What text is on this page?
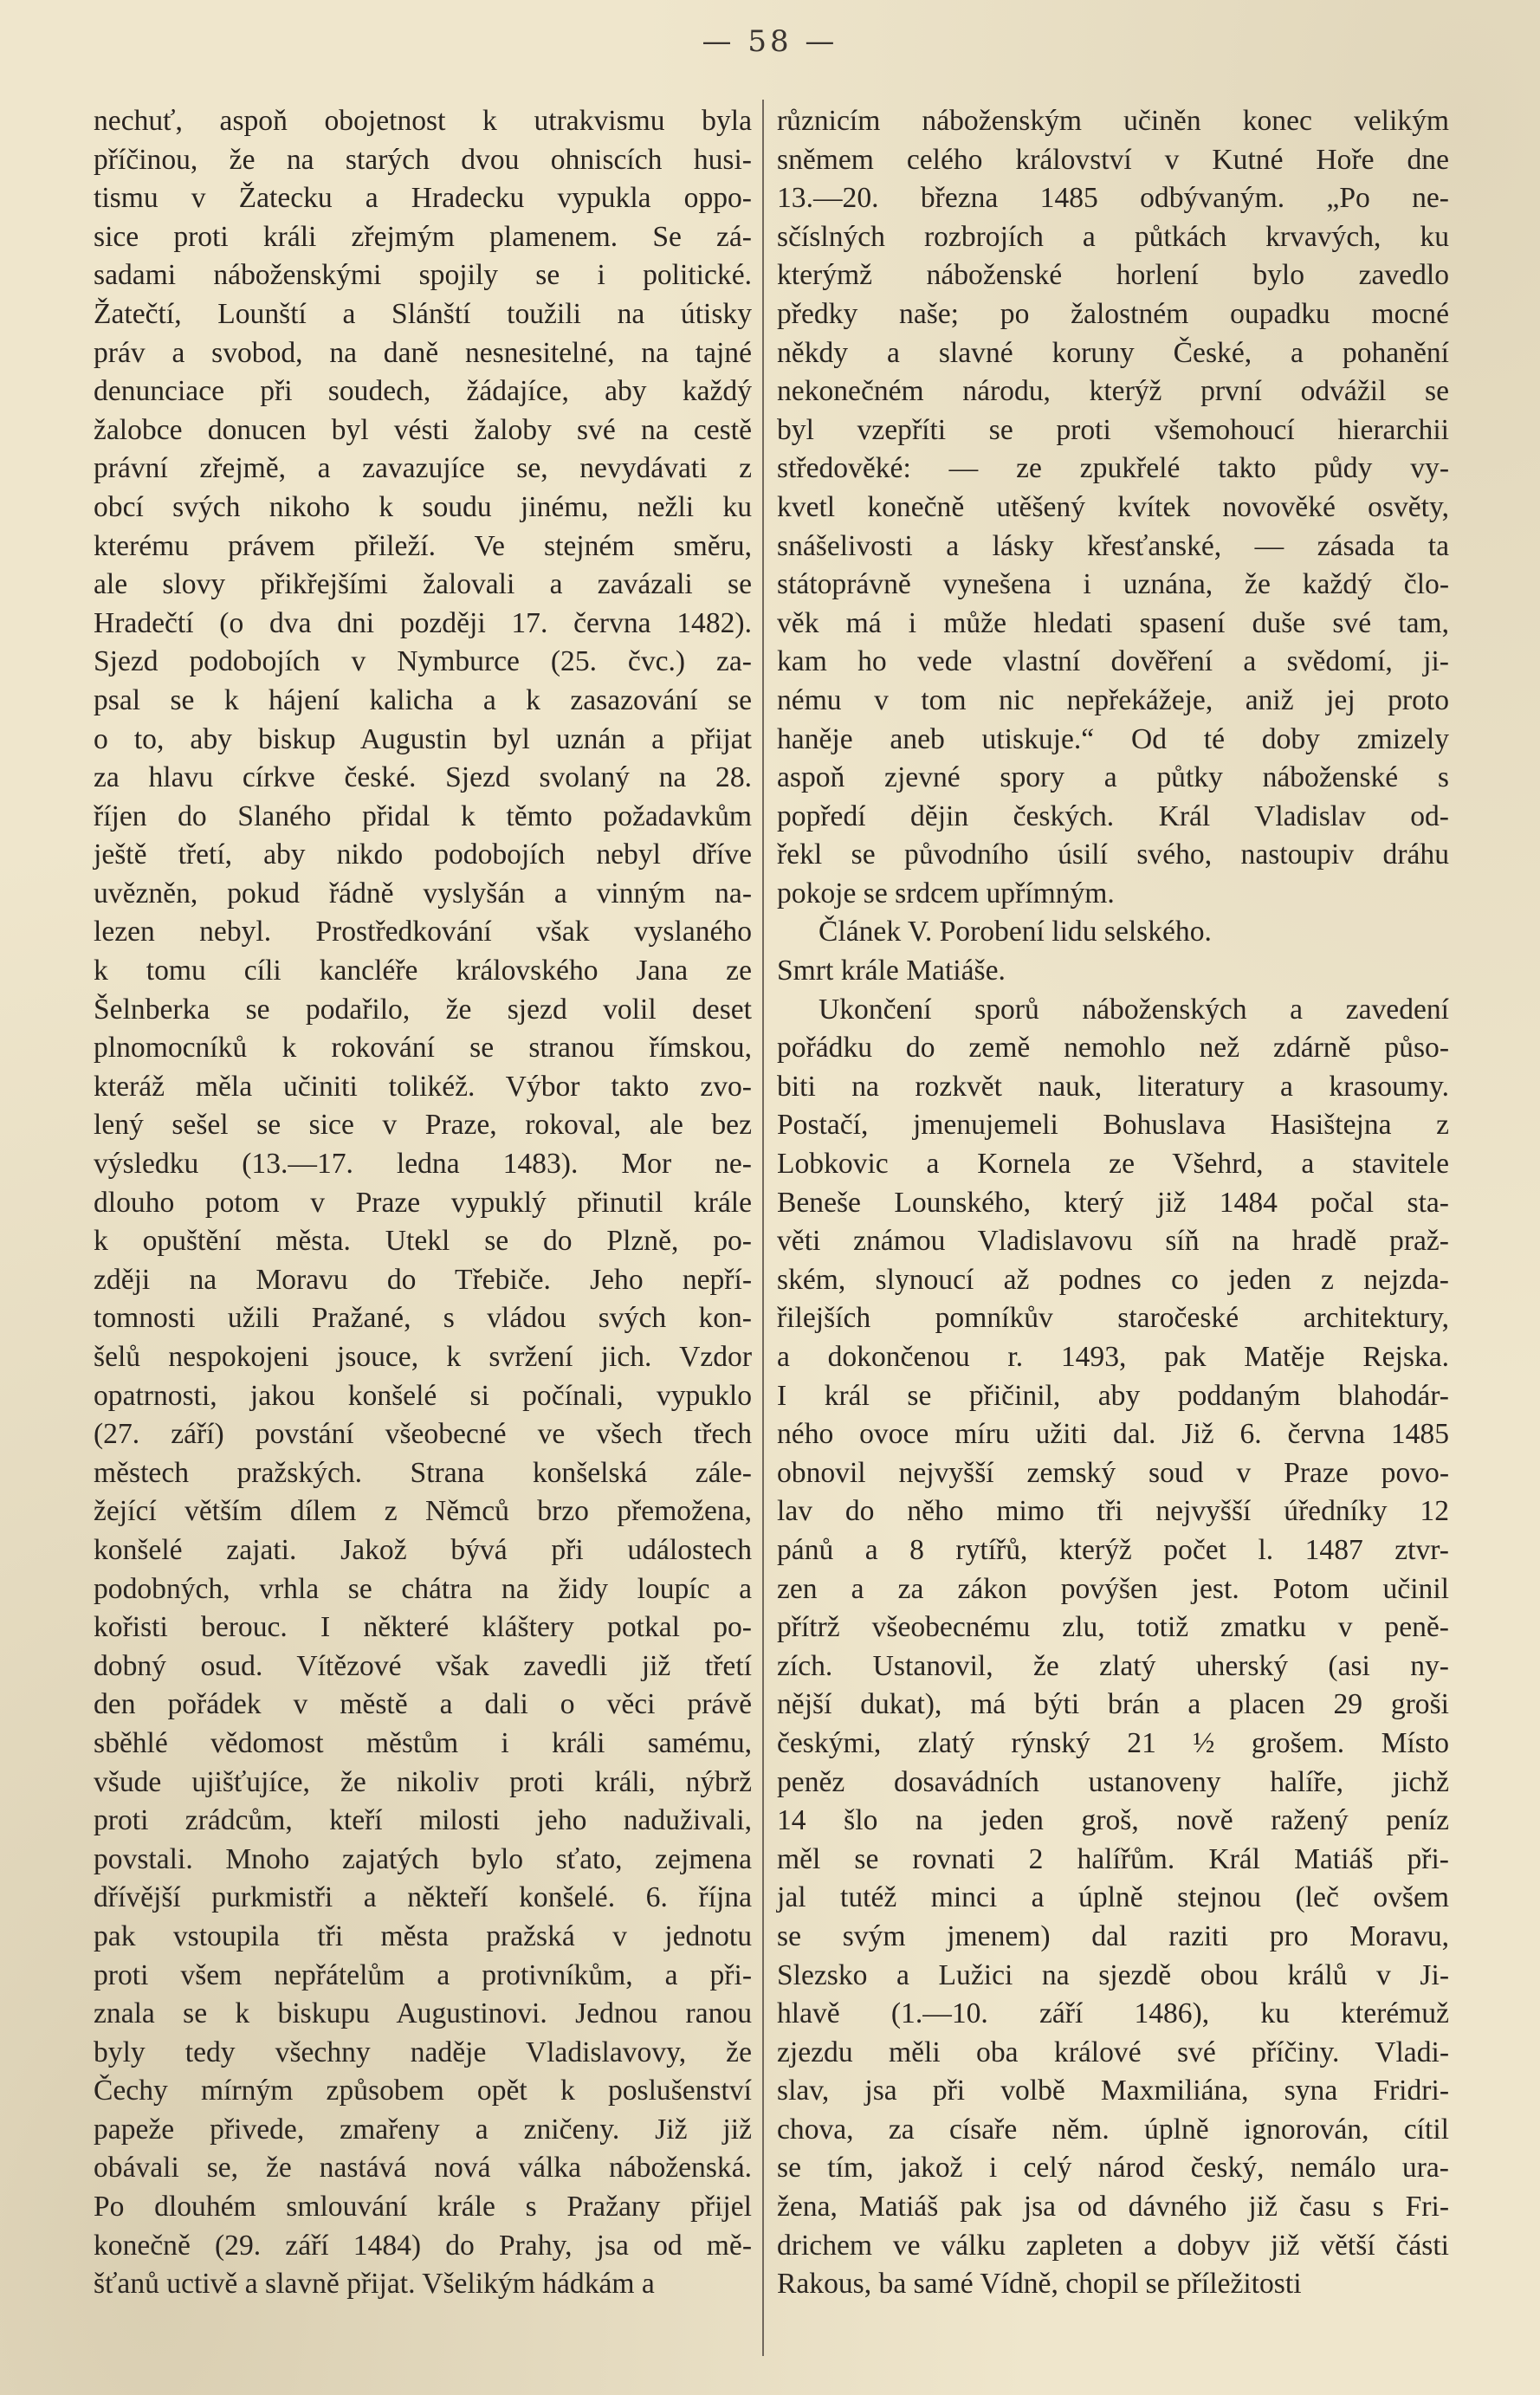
— 58 —
nechuť, aspoň obojetnost k utrakvismu byla
příčinou, že na starých dvou ohniscích husi-
tismu v Žatecku a Hradecku vypukla oppo-
sice proti králi zřejmým plamenem. Se zá-
sadami náboženskými spojily se i politické.
Žatečtí, Lounští a Slánští toužili na útisky
práv a svobod, na daně nesnesitelné, na tajné
denunciace při soudech, žádajíce, aby každý
žalobce donucen byl vésti žaloby své na cestě
právní zřejmě, a zavazujíce se, nevydávati z
obcí svých nikoho k soudu jinému, nežli ku
kterému právem přileží. Ve stejném směru,
ale slovy přikřejšími žalovali a zavázali se
Hradečtí (o dva dni později 17. června 1482).
Sjezd podobojích v Nymburce (25. čvc.) za-
psal se k hájení kalicha a k zasazování se
o to, aby biskup Augustin byl uznán a přijat
za hlavu církve české. Sjezd svolaný na 28.
říjen do Slaného přidal k těmto požadavkům
ještě třetí, aby nikdo podobojích nebyl dříve
uvězněn, pokud řádně vyslyšán a vinným na-
lezen nebyl. Prostředkování však vyslaného
k tomu cíli kancléře královského Jana ze
Šelnberka se podařilo, že sjezd volil deset
plnomocníků k rokování se stranou římskou,
kteráž měla učiniti tolikéž. Výbor takto zvo-
lený sešel se sice v Praze, rokoval, ale bez
výsledku (13.—17. ledna 1483). Mor ne-
dlouho potom v Praze vypuklý přinutil krále
k opuštění města. Utekl se do Plzně, po-
zději na Moravu do Třebiče. Jeho nepří-
tomnosti užili Pražané, s vládou svých kon-
šelů nespokojeni jsouce, k svržení jich. Vzdor
opatrnosti, jakou konšelé si počínali, vypuklo
(27. září) povstání všeobecné ve všech třech
městech pražských. Strana konšelská zále-
žející větším dílem z Němců brzo přemožena,
konšelé zajati. Jakož bývá při událostech
podobných, vrhla se chátra na židy loupíc a
kořisti berouc. I některé kláštery potkal po-
dobný osud. Vítězové však zavedli již třetí
den pořádek v městě a dali o věci právě
sběhlé vědomost městům i králi samému,
všude ujišťujíce, že nikoliv proti králi, nýbrž
proti zrádcům, kteří milosti jeho naduživali,
povstali. Mnoho zajatých bylo sťato, zejmena
dřívější purkmistři a někteří konšelé. 6. října
pak vstoupila tři města pražská v jednotu
proti všem nepřátelům a protivníkům, a při-
znala se k biskupu Augustinovi. Jednou ranou
byly tedy všechny naděje Vladislavovy, že
Čechy mírným způsobem opět k poslušenství
papeže přivede, zmařeny a zničeny. Již již
obávali se, že nastává nová válka náboženská.
Po dlouhém smlouvání krále s Pražany přijel
konečně (29. září 1484) do Prahy, jsa od mě-
šťanů uctivě a slavně přijat. Všelikým hádkám a
různicím náboženským učiněn konec velikým
sněmem celého království v Kutné Hoře dne
13.—20. března 1485 odbývaným. „Po ne-
sčíslných rozbrojích a půtkách krvavých, ku
kterýmž náboženské horlení bylo zavedlo
předky naše; po žalostném oupadku mocné
někdy a slavné koruny České, a pohanění
nekonečném národu, kterýž první odvážil se
byl vzepříti se proti všemohoucí hierarchii
středověké: — ze zpukřelé takto půdy vy-
kvetl konečně utěšený kvítek novověké osvěty,
snášelivosti a lásky křesťanské, — zásada ta
státoprávně vynešena i uznána, že každý člo-
věk má i může hledati spasení duše své tam,
kam ho vede vlastní dověření a svědomí, ji-
nému v tom nic nepřekážeje, aniž jej proto
haněje aneb utiskuje.“ Od té doby zmizely
aspoň zjevné spory a půtky náboženské s
popředí dějin českých. Král Vladislav od-
řekl se původního úsilí svého, nastoupiv dráhu
pokoje se srdcem upřímným.
Článek V. Porobení lidu selského.
Smrt krále Matiáše.
Ukončení sporů náboženských a zavedení
pořádku do země nemohlo než zdárně půso-
biti na rozkvět nauk, literatury a krasoumy.
Postačí, jmenujemeli Bohuslava Hasištejna z
Lobkovic a Kornela ze Všehrd, a stavitele
Beneše Lounského, který již 1484 počal sta-
věti známou Vladislavovu síň na hradě praž-
ském, slynoucí až podnes co jeden z nejzda-
řilejších pomníkův staročeské architektury,
a dokončenou r. 1493, pak Matěje Rejska.
I král se přičinil, aby poddaným blahodár-
ného ovoce míru užiti dal. Již 6. června 1485
obnovil nejvyšší zemský soud v Praze povo-
lav do něho mimo tři nejvyšší úředníky 12
pánů a 8 rytířů, kterýž počet l. 1487 ztvr-
zen a za zákon povýšen jest. Potom učinil
přítrž všeobecnému zlu, totiž zmatku v peně-
zích. Ustanovil, že zlatý uherský (asi ny-
nější dukat), má býti brán a placen 29 groši
českými, zlatý rýnský 21 ½ grošem. Místo
peněz dosavádních ustanoveny halíře, jichž
14 šlo na jeden groš, nově ražený peníz
měl se rovnati 2 halířům. Král Matiáš při-
jal tutéž minci a úplně stejnou (leč ovšem
se svým jmenem) dal raziti pro Moravu,
Slezsko a Lužici na sjezdě obou králů v Ji-
hlavě (1.—10. září 1486), ku kterémuž
zjezdu měli oba králové své příčiny. Vladi-
slav, jsa při volbě Maxmiliána, syna Fridri-
chova, za císaře něm. úplně ignorován, cítil
se tím, jakož i celý národ český, nemálo ura-
žena, Matiáš pak jsa od dávného již času s Fri-
drichem ve válku zapleten a dobyv již větší části
Rakous, ba samé Vídně, chopil se příležitosti
